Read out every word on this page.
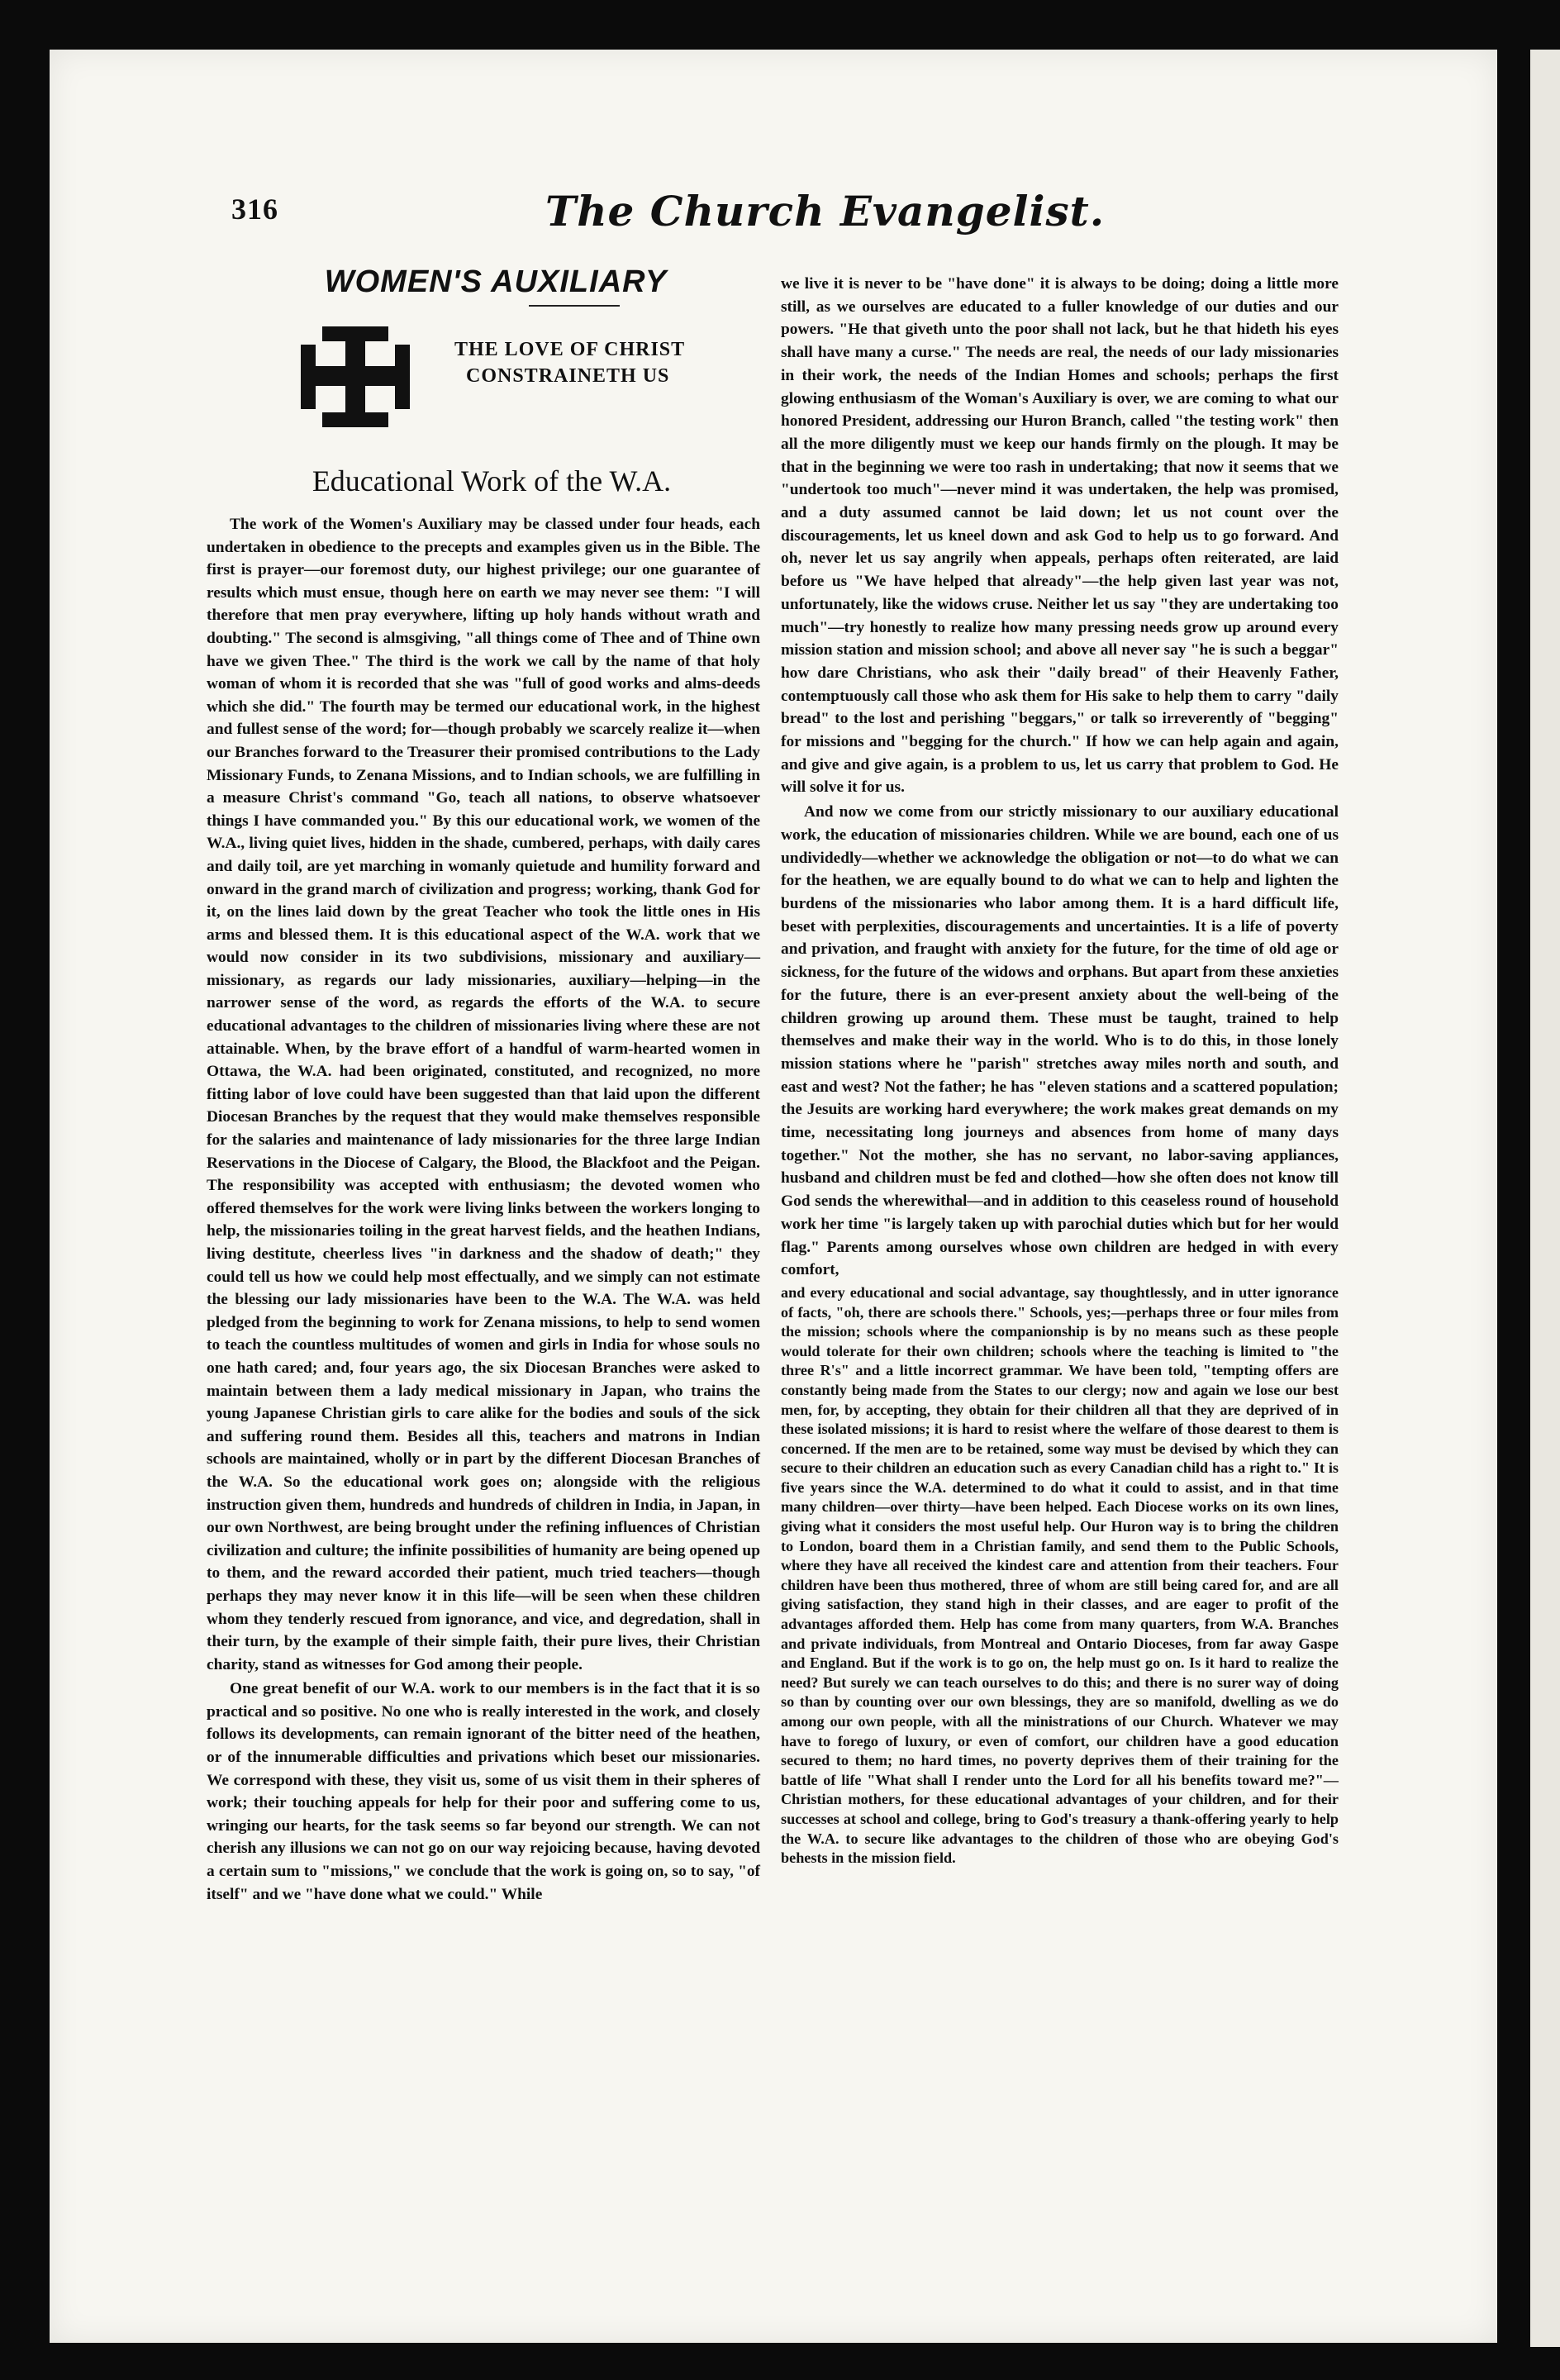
316	The Church Evangelist.
WOMEN'S AUXILIARY
THE LOVE OF CHRIST
CONSTRAINETH US
Educational Work of the W.A.

The work of the Women's Auxiliary may be classed under four heads, each undertaken in obedience to the precepts and examples given us in the Bible. The first is prayer—our foremost duty, our highest privilege; our one guarantee of results which must ensue, though here on earth we may never see them: "I will therefore that men pray everywhere, lifting up holy hands without wrath and doubting." The second is almsgiving, "all things come of Thee and of Thine own have we given Thee." The third is the work we call by the name of that holy woman of whom it is recorded that she was "full of good works and alms-deeds which she did." The fourth may be termed our educational work, in the highest and fullest sense of the word; for—though probably we scarcely realize it—when our Branches forward to the Treasurer their promised contributions to the Lady Missionary Funds, to Zenana Missions, and to Indian schools, we are fulfilling in a measure Christ's command "Go, teach all nations, to observe whatsoever things I have commanded you." By this our educational work, we women of the W.A., living quiet lives, hidden in the shade, cumbered, perhaps, with daily cares and daily toil, are yet marching in womanly quietude and humility forward and onward in the grand march of civilization and progress; working, thank God for it, on the lines laid down by the great Teacher who took the little ones in His arms and blessed them. It is this educational aspect of the W.A. work that we would now consider in its two subdivisions, missionary and auxiliary—missionary, as regards our lady missionaries, auxiliary—helping—in the narrower sense of the word, as regards the efforts of the W.A. to secure educational advantages to the children of missionaries living where these are not attainable. When, by the brave effort of a handful of warm-hearted women in Ottawa, the W.A. had been originated, constituted, and recognized, no more fitting labor of love could have been suggested than that laid upon the different Diocesan Branches by the request that they would make themselves responsible for the salaries and maintenance of lady missionaries for the three large Indian Reservations in the Diocese of Calgary, the Blood, the Blackfoot and the Peigan. The responsibility was accepted with enthusiasm; the devoted women who offered themselves for the work were living links between the workers longing to help, the missionaries toiling in the great harvest fields, and the heathen Indians, living destitute, cheerless lives "in darkness and the shadow of death;" they could tell us how we could help most effectually, and we simply can not estimate the blessing our lady missionaries have been to the W.A. The W.A. was held pledged from the beginning to work for Zenana missions, to help to send women to teach the countless multitudes of women and girls in India for whose souls no one hath cared; and, four years ago, the six Diocesan Branches were asked to maintain between them a lady medical missionary in Japan, who trains the young Japanese Christian girls to care alike for the bodies and souls of the sick and suffering round them. Besides all this, teachers and matrons in Indian schools are maintained, wholly or in part by the different Diocesan Branches of the W.A. So the educational work goes on; alongside with the religious instruction given them, hundreds and hundreds of children in India, in Japan, in our own Northwest, are being brought under the refining influences of Christian civilization and culture; the infinite possibilities of humanity are being opened up to them, and the reward accorded their patient, much tried teachers—though perhaps they may never know it in this life—will be seen when these children whom they tenderly rescued from ignorance, and vice, and degredation, shall in their turn, by the example of their simple faith, their pure lives, their Christian charity, stand as witnesses for God among their people.

One great benefit of our W.A. work to our members is in the fact that it is so practical and so positive. No one who is really interested in the work, and closely follows its developments, can remain ignorant of the bitter need of the heathen, or of the innumerable difficulties and privations which beset our missionaries. We correspond with these, they visit us, some of us visit them in their spheres of work; their touching appeals for help for their poor and suffering come to us, wringing our hearts, for the task seems so far beyond our strength. We can not cherish any illusions we can not go on our way rejoicing because, having devoted a certain sum to "missions," we conclude that the work is going on, so to say, "of itself" and we "have done what we could." While

we live it is never to be "have done" it is always to be doing; doing a little more still, as we ourselves are educated to a fuller knowledge of our duties and our powers. "He that giveth unto the poor shall not lack, but he that hideth his eyes shall have many a curse." The needs are real, the needs of our lady missionaries in their work, the needs of the Indian Homes and schools; perhaps the first glowing enthusiasm of the Woman's Auxiliary is over, we are coming to what our honored President, addressing our Huron Branch, called "the testing work" then all the more diligently must we keep our hands firmly on the plough. It may be that in the beginning we were too rash in undertaking; that now it seems that we "undertook too much"—never mind it was undertaken, the help was promised, and a duty assumed cannot be laid down; let us not count over the discouragements, let us kneel down and ask God to help us to go forward. And oh, never let us say angrily when appeals, perhaps often reiterated, are laid before us "We have helped that already"—the help given last year was not, unfortunately, like the widows cruse. Neither let us say "they are undertaking too much"—try honestly to realize how many pressing needs grow up around every mission station and mission school; and above all never say "he is such a beggar" how dare Christians, who ask their "daily bread" of their Heavenly Father, contemptuously call those who ask them for His sake to help them to carry "daily bread" to the lost and perishing "beggars," or talk so irreverently of "begging" for missions and "begging for the church." If how we can help again and again, and give and give again, is a problem to us, let us carry that problem to God. He will solve it for us.

And now we come from our strictly missionary to our auxiliary educational work, the education of missionaries children. While we are bound, each one of us undividedly—whether we acknowledge the obligation or not—to do what we can for the heathen, we are equally bound to do what we can to help and lighten the burdens of the missionaries who labor among them. It is a hard difficult life, beset with perplexities, discouragements and uncertainties. It is a life of poverty and privation, and fraught with anxiety for the future, for the time of old age or sickness, for the future of the widows and orphans. But apart from these anxieties for the future, there is an ever-present anxiety about the well-being of the children growing up around them. These must be taught, trained to help themselves and make their way in the world. Who is to do this, in those lonely mission stations where he "parish" stretches away miles north and south, and east and west? Not the father; he has "eleven stations and a scattered population; the Jesuits are working hard everywhere; the work makes great demands on my time, necessitating long journeys and absences from home of many days together." Not the mother, she has no servant, no labor-saving appliances, husband and children must be fed and clothed—how she often does not know till God sends the wherewithal—and in addition to this ceaseless round of household work her time "is largely taken up with parochial duties which but for her would flag." Parents among ourselves whose own children are hedged in with every comfort,

and every educational and social advantage, say thoughtlessly, and in utter ignorance of facts, "oh, there are schools there." Schools, yes;—perhaps three or four miles from the mission; schools where the companionship is by no means such as these people would tolerate for their own children; schools where the teaching is limited to "the three R's" and a little incorrect grammar. We have been told, "tempting offers are constantly being made from the States to our clergy; now and again we lose our best men, for, by accepting, they obtain for their children all that they are deprived of in these isolated missions; it is hard to resist where the welfare of those dearest to them is concerned. If the men are to be retained, some way must be devised by which they can secure to their children an education such as every Canadian child has a right to." It is five years since the W.A. determined to do what it could to assist, and in that time many children—over thirty—have been helped. Each Diocese works on its own lines, giving what it considers the most useful help. Our Huron way is to bring the children to London, board them in a Christian family, and send them to the Public Schools, where they have all received the kindest care and attention from their teachers. Four children have been thus mothered, three of whom are still being cared for, and are all giving satisfaction, they stand high in their classes, and are eager to profit of the advantages afforded them. Help has come from many quarters, from W.A. Branches and private individuals, from Montreal and Ontario Dioceses, from far away Gaspe and England. But if the work is to go on, the help must go on. Is it hard to realize the need? But surely we can teach ourselves to do this; and there is no surer way of doing so than by counting over our own blessings, they are so manifold, dwelling as we do among our own people, with all the ministrations of our Church. Whatever we may have to forego of luxury, or even of comfort, our children have a good education secured to them; no hard times, no poverty deprives them of their training for the battle of life "What shall I render unto the Lord for all his benefits toward me?"—Christian mothers, for these educational advantages of your children, and for their successes at school and college, bring to God's treasury a thank-offering yearly to help the W.A. to secure like advantages to the children of those who are obeying God's behests in the mission field.
